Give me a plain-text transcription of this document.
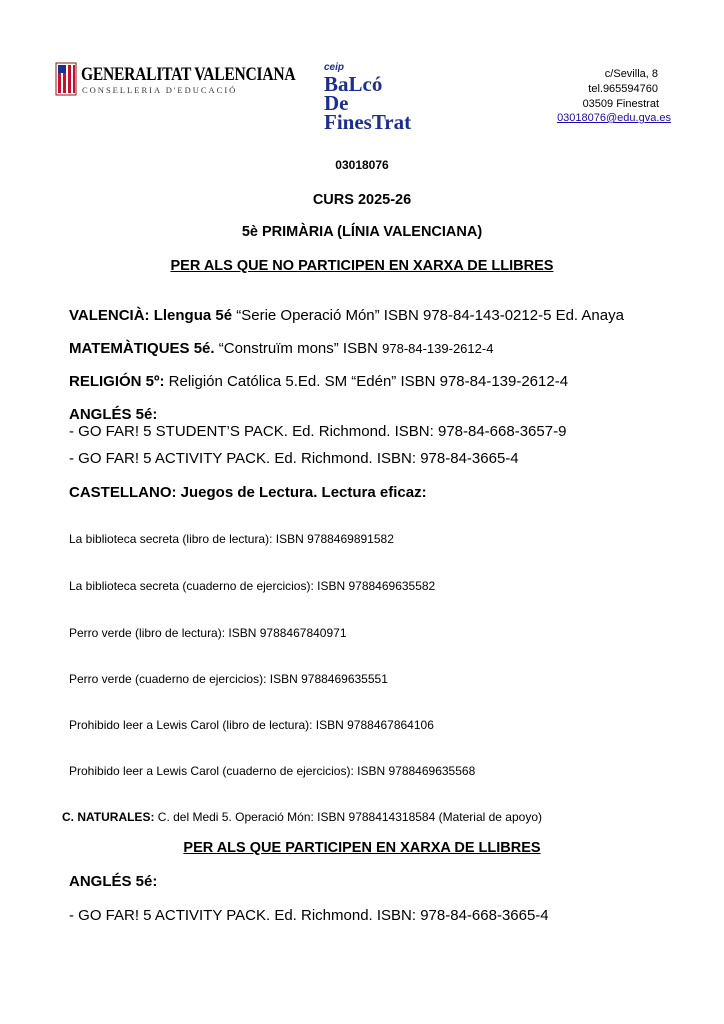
GENERALITAT VALENCIANA
CONSELLERIA D'EDUCACIÓ
ceip
BaLcó
De
FinesTrat
c/Sevilla, 8
tel.965594760
03509 Finestrat
03018076@edu.gva.es
03018076
CURS 2025-26
5è PRIMÀRIA (LÍNIA VALENCIANA)
PER ALS QUE NO PARTICIPEN EN XARXA DE LLIBRES
VALENCIÀ: Llengua 5é “Serie Operació Món” ISBN 978-84-143-0212-5 Ed. Anaya
MATEMÀTIQUES 5é. “Construïm mons” ISBN 978-84-139-2612-4
RELIGIÓN 5º: Religión Católica 5.Ed. SM “Edén” ISBN 978-84-139-2612-4
ANGLÉS 5é:
- GO FAR! 5 STUDENT’S PACK. Ed. Richmond. ISBN: 978-84-668-3657-9
- GO FAR! 5 ACTIVITY PACK. Ed. Richmond. ISBN: 978-84-3665-4
CASTELLANO: Juegos de Lectura. Lectura eficaz:
La biblioteca secreta (libro de lectura): ISBN 9788469891582
La biblioteca secreta (cuaderno de ejercicios): ISBN 9788469635582
Perro verde (libro de lectura): ISBN 9788467840971
Perro verde (cuaderno de ejercicios): ISBN 9788469635551
Prohibido leer a Lewis Carol (libro de lectura): ISBN 9788467864106
Prohibido leer a Lewis Carol (cuaderno de ejercicios): ISBN 9788469635568
C. NATURALES: C. del Medi 5. Operació Món: ISBN 9788414318584 (Material de apoyo)
PER ALS QUE PARTICIPEN EN XARXA DE LLIBRES
ANGLÉS 5é:
- GO FAR! 5 ACTIVITY PACK. Ed. Richmond. ISBN: 978-84-668-3665-4
